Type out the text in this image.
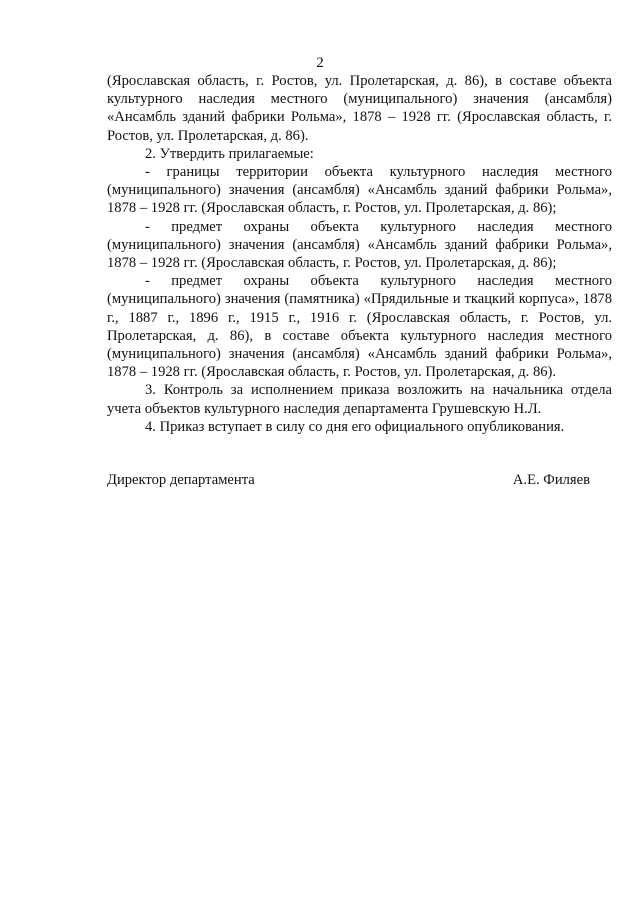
2

(Ярославская область, г. Ростов, ул. Пролетарская, д. 86), в составе объекта культурного наследия местного (муниципального) значения (ансамбля) «Ансамбль зданий фабрики Рольма», 1878 – 1928 гг. (Ярославская область, г. Ростов, ул. Пролетарская, д. 86).

2. Утвердить прилагаемые:

- границы территории объекта культурного наследия местного (муниципального) значения (ансамбля) «Ансамбль зданий фабрики Рольма», 1878 – 1928 гг. (Ярославская область, г. Ростов, ул. Пролетарская, д. 86);

- предмет охраны объекта культурного наследия местного (муниципального) значения (ансамбля) «Ансамбль зданий фабрики Рольма», 1878 – 1928 гг. (Ярославская область, г. Ростов, ул. Пролетарская, д. 86);

- предмет охраны объекта культурного наследия местного (муниципального) значения (памятника) «Прядильные и ткацкий корпуса», 1878 г., 1887 г., 1896 г., 1915 г., 1916 г. (Ярославская область, г. Ростов, ул. Пролетарская, д. 86), в составе объекта культурного наследия местного (муниципального) значения (ансамбля) «Ансамбль зданий фабрики Рольма», 1878 – 1928 гг. (Ярославская область, г. Ростов, ул. Пролетарская, д. 86).

3. Контроль за исполнением приказа возложить на начальника отдела учета объектов культурного наследия департамента Грушевскую Н.Л.

4. Приказ вступает в силу со дня его официального опубликования.

Директор департамента	А.Е. Филяев
